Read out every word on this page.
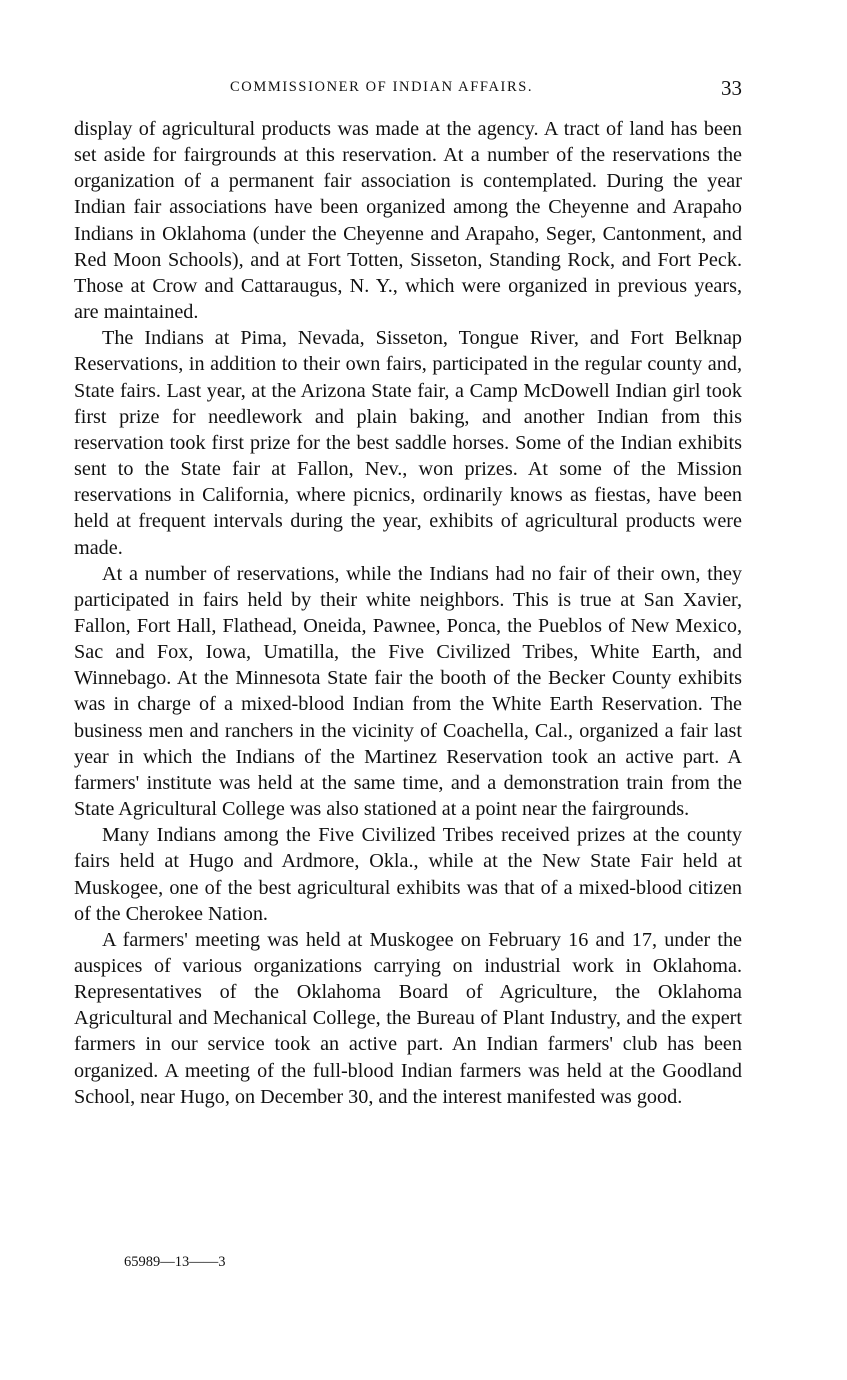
COMMISSIONER OF INDIAN AFFAIRS.	33

display of agricultural products was made at the agency. A tract of land has been set aside for fairgrounds at this reservation. At a number of the reservations the organization of a permanent fair association is contemplated. During the year Indian fair associations have been organized among the Cheyenne and Arapaho Indians in Oklahoma (under the Cheyenne and Arapaho, Seger, Cantonment, and Red Moon Schools), and at Fort Totten, Sisseton, Standing Rock, and Fort Peck. Those at Crow and Cattaraugus, N. Y., which were organized in previous years, are maintained.

The Indians at Pima, Nevada, Sisseton, Tongue River, and Fort Belknap Reservations, in addition to their own fairs, participated in the regular county and, State fairs. Last year, at the Arizona State fair, a Camp McDowell Indian girl took first prize for needlework and plain baking, and another Indian from this reservation took first prize for the best saddle horses. Some of the Indian exhibits sent to the State fair at Fallon, Nev., won prizes. At some of the Mission reservations in California, where picnics, ordinarily knows as fiestas, have been held at frequent intervals during the year, exhibits of agricultural products were made.

At a number of reservations, while the Indians had no fair of their own, they participated in fairs held by their white neighbors. This is true at San Xavier, Fallon, Fort Hall, Flathead, Oneida, Pawnee, Ponca, the Pueblos of New Mexico, Sac and Fox, Iowa, Umatilla, the Five Civilized Tribes, White Earth, and Winnebago. At the Minnesota State fair the booth of the Becker County exhibits was in charge of a mixed-blood Indian from the White Earth Reservation. The business men and ranchers in the vicinity of Coachella, Cal., organized a fair last year in which the Indians of the Martinez Reservation took an active part. A farmers' institute was held at the same time, and a demonstration train from the State Agricultural College was also stationed at a point near the fairgrounds.

Many Indians among the Five Civilized Tribes received prizes at the county fairs held at Hugo and Ardmore, Okla., while at the New State Fair held at Muskogee, one of the best agricultural exhibits was that of a mixed-blood citizen of the Cherokee Nation.

A farmers' meeting was held at Muskogee on February 16 and 17, under the auspices of various organizations carrying on industrial work in Oklahoma. Representatives of the Oklahoma Board of Agriculture, the Oklahoma Agricultural and Mechanical College, the Bureau of Plant Industry, and the expert farmers in our service took an active part. An Indian farmers' club has been organized. A meeting of the full-blood Indian farmers was held at the Goodland School, near Hugo, on December 30, and the interest manifested was good.

65989—13——3
